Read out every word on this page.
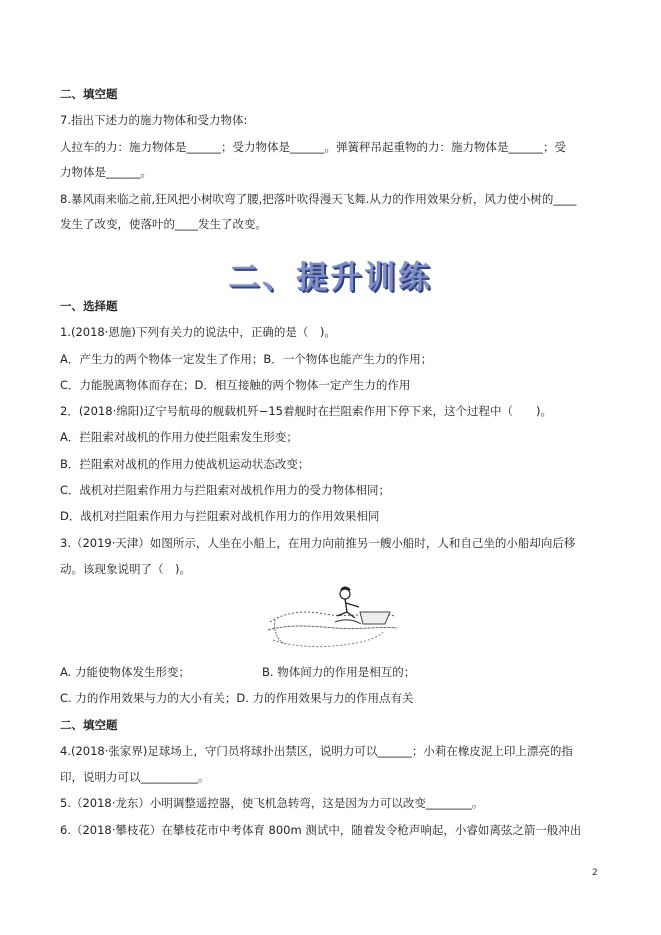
二、填空题
7.指出下述力的施力物体和受力物体:
人拉车的力：施力物体是______；受力物体是______。弹簧秤吊起重物的力：施力物体是______；受
力物体是______。
8.暴风雨来临之前,狂风把小树吹弯了腰,把落叶吹得漫天飞舞.从力的作用效果分析，风力使小树的____
发生了改变，使落叶的____发生了改变。
二、提升训练
一、选择题
1.(2018·恩施)下列有关力的说法中，正确的是（　)。
A．产生力的两个物体一定发生了作用；B．一个物体也能产生力的作用；
C．力能脱离物体而存在；D．相互接触的两个物体一定产生力的作用
2．(2018·绵阳)辽宁号航母的舰载机歼−15着舰时在拦阻索作用下停下来，这个过程中（　　)。
A．拦阻索对战机的作用力使拦阻索发生形变；
B．拦阻索对战机的作用力使战机运动状态改变；
C．战机对拦阻索作用力与拦阻索对战机作用力的受力物体相同；
D．战机对拦阻索作用力与拦阻索对战机作用力的作用效果相同
3.（2019·天津）如图所示，人坐在小船上，在用力向前推另一艘小船时，人和自己坐的小船却向后移
动。该现象说明了（　)。
A. 力能使物体发生形变；	B. 物体间力的作用是相互的；
C. 力的作用效果与力的大小有关；D. 力的作用效果与力的作用点有关
二、填空题
4.(2018·张家界)足球场上，守门员将球扑出禁区，说明力可以______；小莉在橡皮泥上印上漂亮的指
印，说明力可以__________。
5.（2018·龙东）小明调整遥控器，使飞机急转弯，这是因为力可以改变________。
6.（2018·攀枝花）在攀枝花市中考体育 800m 测试中，随着发令枪声响起，小睿如离弦之箭一般冲出
2
